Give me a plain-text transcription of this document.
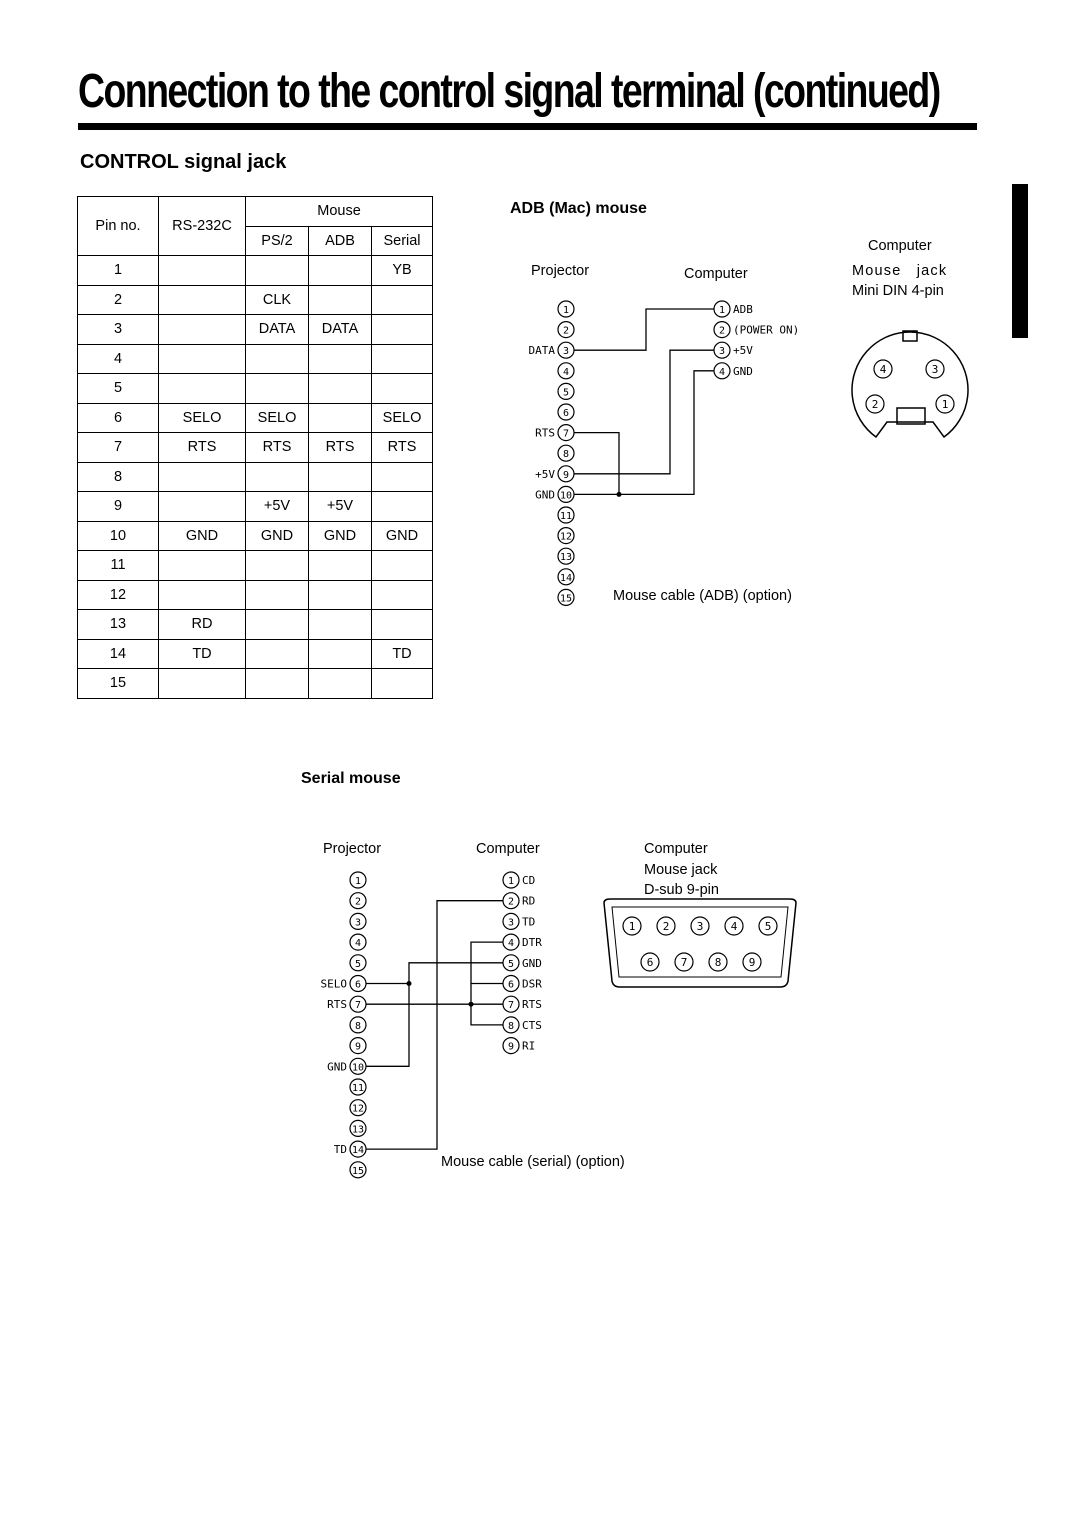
Connection to the control signal terminal (continued)
CONTROL signal jack
Pin no.	RS-232C	Mouse		
		PS/2	ADB	Serial
1				YB
2		CLK		
3		DATA	DATA	
4				
5				
6	SELO	SELO		SELO
7	RTS	RTS	RTS	RTS
8				
9		+5V	+5V	
10	GND	GND	GND	GND
11				
12				
13	RD			
14	TD			TD
15				
ADB (Mac) mouse
Projector	Computer
Computer
Mouse jack
Mini DIN 4-pin
Mouse cable (ADB) (option)
1
2
3
4
5
6
7
8
9
10
11
12
13
14
15
DATA
RTS
+5V
GND
1 ADB
2 (POWER ON)
3 +5V
4 GND	4	3
2	1
Serial mouse
Projector	Computer	Computer
Mouse jack
D-sub 9-pin
Mouse cable (serial) (option)
1
2
3
4
5
6
7
8
9
10
11
12
13
14
15
SELO
RTS
GND
TD
1 CD
2 RD
3 TD
4 DTR
5 GND
6 DSR
7 RTS
8 CTS
9 RI
1 2 3 4 5
6 7 8 9
